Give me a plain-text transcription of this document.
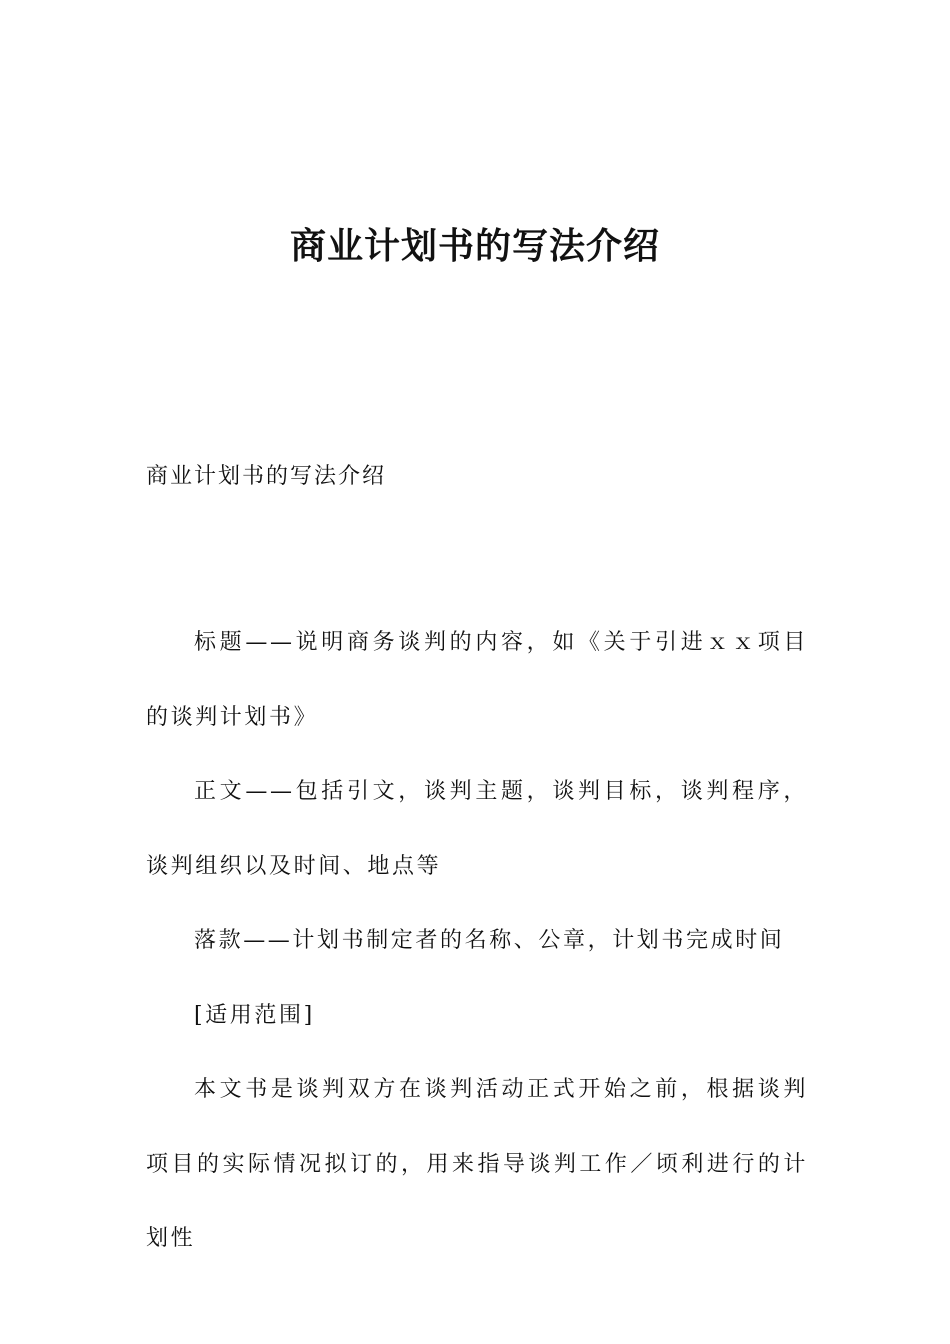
商业计划书的写法介绍

商业计划书的写法介绍

标题——说明商务谈判的内容，如《关于引进ｘｘ项目的谈判计划书》

正文——包括引文，谈判主题，谈判目标，谈判程序，谈判组织以及时间、地点等

落款——计划书制定者的名称、公章，计划书完成时间

[适用范围]

本文书是谈判双方在谈判活动正式开始之前，根据谈判项目的实际情况拟订的，用来指导谈判工作／顷利进行的计划性
